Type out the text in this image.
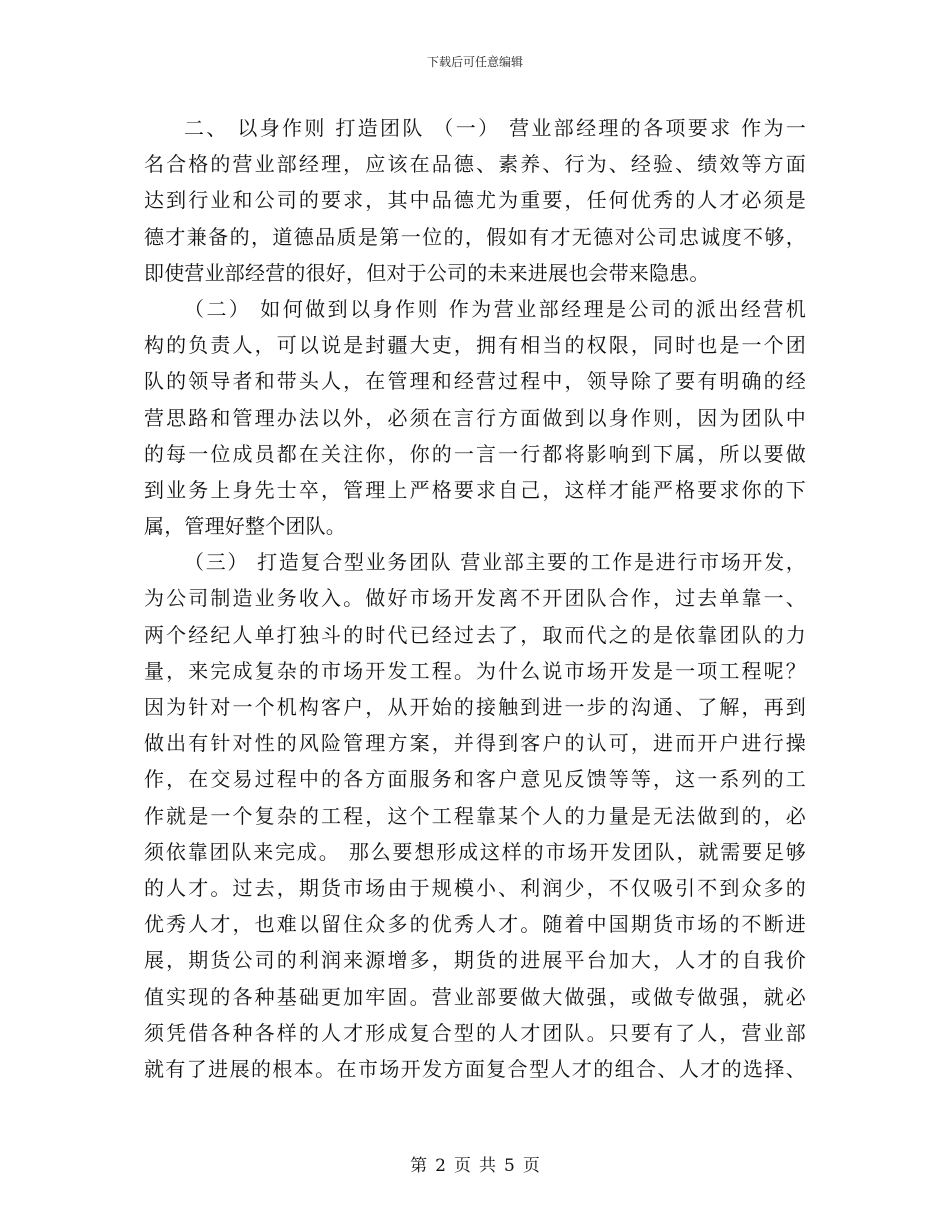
下载后可任意编辑
二、 以身作则 打造团队 （一） 营业部经理的各项要求 作为一
名合格的营业部经理，应该在品德、素养、行为、经验、绩效等方面
达到行业和公司的要求，其中品德尤为重要，任何优秀的人才必须是
德才兼备的，道德品质是第一位的，假如有才无德对公司忠诚度不够，
即使营业部经营的很好，但对于公司的未来进展也会带来隐患。
（二） 如何做到以身作则 作为营业部经理是公司的派出经营机
构的负责人，可以说是封疆大吏，拥有相当的权限，同时也是一个团
队的领导者和带头人，在管理和经营过程中，领导除了要有明确的经
营思路和管理办法以外，必须在言行方面做到以身作则，因为团队中
的每一位成员都在关注你，你的一言一行都将影响到下属，所以要做
到业务上身先士卒，管理上严格要求自己，这样才能严格要求你的下
属，管理好整个团队。
（三） 打造复合型业务团队 营业部主要的工作是进行市场开发，
为公司制造业务收入。做好市场开发离不开团队合作，过去单靠一、
两个经纪人单打独斗的时代已经过去了，取而代之的是依靠团队的力
量，来完成复杂的市场开发工程。为什么说市场开发是一项工程呢？
因为针对一个机构客户，从开始的接触到进一步的沟通、了解，再到
做出有针对性的风险管理方案，并得到客户的认可，进而开户进行操
作，在交易过程中的各方面服务和客户意见反馈等等，这一系列的工
作就是一个复杂的工程，这个工程靠某个人的力量是无法做到的，必
须依靠团队来完成。 那么要想形成这样的市场开发团队，就需要足够
的人才。过去，期货市场由于规模小、利润少，不仅吸引不到众多的
优秀人才，也难以留住众多的优秀人才。随着中国期货市场的不断进
展，期货公司的利润来源增多，期货的进展平台加大，人才的自我价
值实现的各种基础更加牢固。营业部要做大做强，或做专做强，就必
须凭借各种各样的人才形成复合型的人才团队。只要有了人，营业部
就有了进展的根本。在市场开发方面复合型人才的组合、人才的选择、
第 2 页 共 5 页
